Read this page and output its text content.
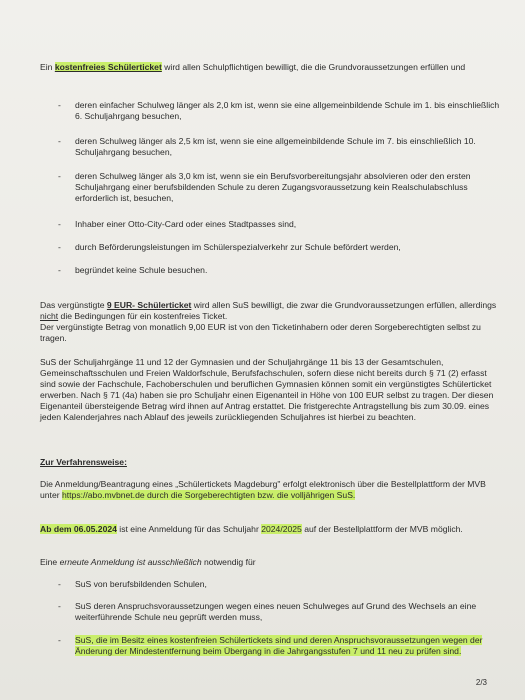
Ein kostenfreies Schülerticket wird allen Schulpflichtigen bewilligt, die die Grundvoraussetzungen erfüllen und

- deren einfacher Schulweg länger als 2,0 km ist, wenn sie eine allgemeinbildende Schule im 1. bis einschließlich 6. Schuljahrgang besuchen,
- deren Schulweg länger als 2,5 km ist, wenn sie eine allgemeinbildende Schule im 7. bis einschließlich 10. Schuljahrgang besuchen,
- deren Schulweg länger als 3,0 km ist, wenn sie ein Berufsvorbereitungsjahr absolvieren oder den ersten Schuljahrgang einer berufsbildenden Schule zu deren Zugangsvoraussetzung kein Realschulabschluss erforderlich ist, besuchen,
- Inhaber einer Otto-City-Card oder eines Stadtpasses sind,
- durch Beförderungsleistungen im Schülerspezialverkehr zur Schule befördert werden,
- begründet keine Schule besuchen.

Das vergünstigte 9 EUR- Schülerticket wird allen SuS bewilligt, die zwar die Grundvoraussetzungen erfüllen, allerdings nicht die Bedingungen für ein kostenfreies Ticket.

Der vergünstigte Betrag von monatlich 9,00 EUR ist von den Ticketinhabern oder deren Sorgeberechtigten selbst zu tragen.

SuS der Schuljahrgänge 11 und 12 der Gymnasien und der Schuljahrgänge 11 bis 13 der Gesamtschulen, Gemeinschaftsschulen und Freien Waldorfschule, Berufsfachschulen, sofern diese nicht bereits durch § 71 (2) erfasst sind sowie der Fachschule, Fachoberschulen und beruflichen Gymnasien können somit ein vergünstigtes Schülerticket erwerben. Nach § 71 (4a) haben sie pro Schuljahr einen Eigenanteil in Höhe von 100 EUR selbst zu tragen. Der diesen Eigenanteil übersteigende Betrag wird ihnen auf Antrag erstattet. Die fristgerechte Antragstellung bis zum 30.09. eines jeden Kalenderjahres nach Ablauf des jeweils zurückliegenden Schuljahres ist hierbei zu beachten.

Zur Verfahrensweise:

Die Anmeldung/Beantragung eines „Schülertickets Magdeburg" erfolgt elektronisch über die Bestellplattform der MVB unter https://abo.mvbnet.de durch die Sorgeberechtigten bzw. die volljährigen SuS.

Ab dem 06.05.2024 ist eine Anmeldung für das Schuljahr 2024/2025 auf der Bestellplattform der MVB möglich.

Eine erneute Anmeldung ist ausschließlich notwendig für

- SuS von berufsbildenden Schulen,
- SuS deren Anspruchsvoraussetzungen wegen eines neuen Schulweges auf Grund des Wechsels an eine weiterführende Schule neu geprüft werden muss,
- SuS, die im Besitz eines kostenfreien Schülertickets sind und deren Anspruchsvoraussetzungen wegen der Änderung der Mindestentfernung beim Übergang in die Jahrgangsstufen 7 und 11 neu zu prüfen sind.
2/3
